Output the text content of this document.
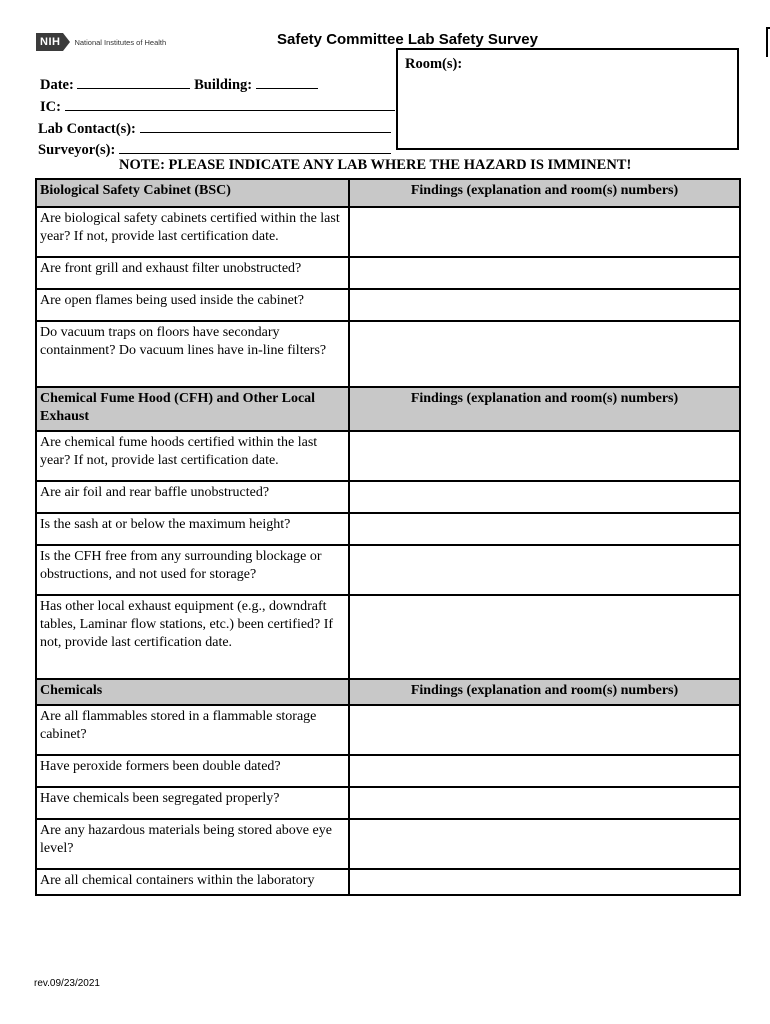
NIH	National Institutes of Health	Safety Committee Lab Safety Survey
Room(s):
Date:	Building:
IC:
Lab Contact(s):
Surveyor(s):
NOTE: PLEASE INDICATE ANY LAB WHERE THE HAZARD IS IMMINENT!
Biological Safety Cabinet (BSC)	Findings (explanation and room(s) numbers)
Are biological safety cabinets certified within the last year? If not, provide last certification date.	
Are front grill and exhaust filter unobstructed?	
Are open flames being used inside the cabinet?	
Do vacuum traps on floors have secondary containment? Do vacuum lines have in-line filters?	
Chemical Fume Hood (CFH) and Other Local Exhaust	Findings (explanation and room(s) numbers)
Are chemical fume hoods certified within the last year? If not, provide last certification date.	
Are air foil and rear baffle unobstructed?	
Is the sash at or below the maximum height?	
Is the CFH free from any surrounding blockage or obstructions, and not used for storage?	
Has other local exhaust equipment (e.g., downdraft tables, Laminar flow stations, etc.) been certified? If not, provide last certification date.	
Chemicals	Findings (explanation and room(s) numbers)
Are all flammables stored in a flammable storage cabinet?	
Have peroxide formers been double dated?	
Have chemicals been segregated properly?	
Are any hazardous materials being stored above eye level?	
Are all chemical containers within the laboratory	
rev.09/23/2021
